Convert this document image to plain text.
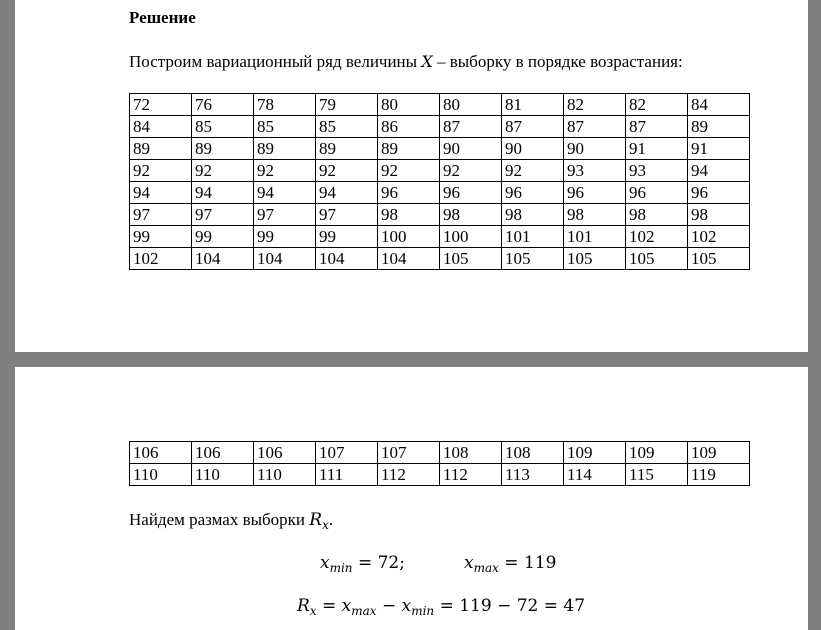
Решение
Построим вариационный ряд величины X – выборку в порядке возрастания:
72	76	78	79	80	80	81	82	82	84
84	85	85	85	86	87	87	87	87	89
89	89	89	89	89	90	90	90	91	91
92	92	92	92	92	92	92	93	93	94
94	94	94	94	96	96	96	96	96	96
97	97	97	97	98	98	98	98	98	98
99	99	99	99	100	100	101	101	102	102
102	104	104	104	104	105	105	105	105	105
106	106	106	107	107	108	108	109	109	109
110	110	110	111	112	112	113	114	115	119
Найдем размах выборки $R_x$.
$x_{min} = 72$;	$x_{max} = 119$
$R_x = x_{max} - x_{min} = 119 - 72 = 47$
